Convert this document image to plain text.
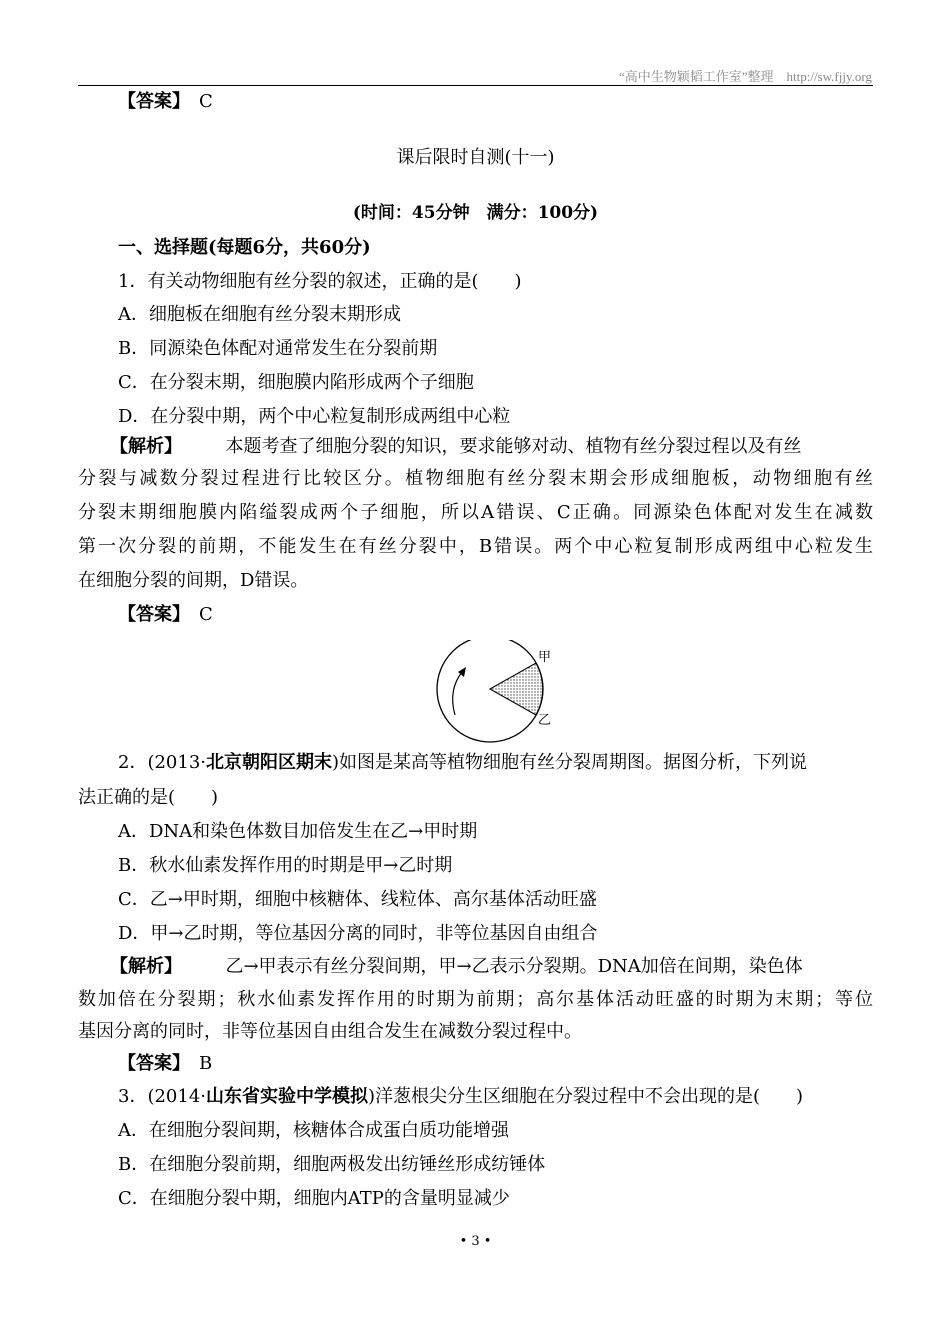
“高中生物颖韬工作室”整理　http://sw.fjjy.org
【答案】　 C
课后限时自测(十一)
(时间：45分钟　满分：100分)
一、选择题(每题6分，共60分)
1．有关动物细胞有丝分裂的叙述，正确的是(　　)
A．细胞板在细胞有丝分裂末期形成
B．同源染色体配对通常发生在分裂前期
C．在分裂末期，细胞膜内陷形成两个子细胞
D．在分裂中期，两个中心粒复制形成两组中心粒
【解析】 本题考查了细胞分裂的知识，要求能够对动、植物有丝分裂过程以及有丝
分裂与减数分裂过程进行比较区分。植物细胞有丝分裂末期会形成细胞板，动物细胞有丝
分裂末期细胞膜内陷缢裂成两个子细胞，所以A错误、C正确。同源染色体配对发生在减数
第一次分裂的前期，不能发生在有丝分裂中，B错误。两个中心粒复制形成两组中心粒发生
在细胞分裂的间期，D错误。
【答案】　 C
甲
乙
2．(2013·北京朝阳区期末)如图是某高等植物细胞有丝分裂周期图。据图分析，下列说
法正确的是(　　)
A．DNA和染色体数目加倍发生在乙→甲时期
B．秋水仙素发挥作用的时期是甲→乙时期
C．乙→甲时期，细胞中核糖体、线粒体、高尔基体活动旺盛
D．甲→乙时期，等位基因分离的同时，非等位基因自由组合
【解析】 乙→甲表示有丝分裂间期，甲→乙表示分裂期。DNA加倍在间期，染色体
数加倍在分裂期；秋水仙素发挥作用的时期为前期；高尔基体活动旺盛的时期为末期；等位
基因分离的同时，非等位基因自由组合发生在减数分裂过程中。
【答案】　 B
3．(2014·山东省实验中学模拟)洋葱根尖分生区细胞在分裂过程中不会出现的是(　　)
A．在细胞分裂间期，核糖体合成蛋白质功能增强
B．在细胞分裂前期，细胞两极发出纺锤丝形成纺锤体
C．在细胞分裂中期，细胞内ATP的含量明显减少
• 3 •
